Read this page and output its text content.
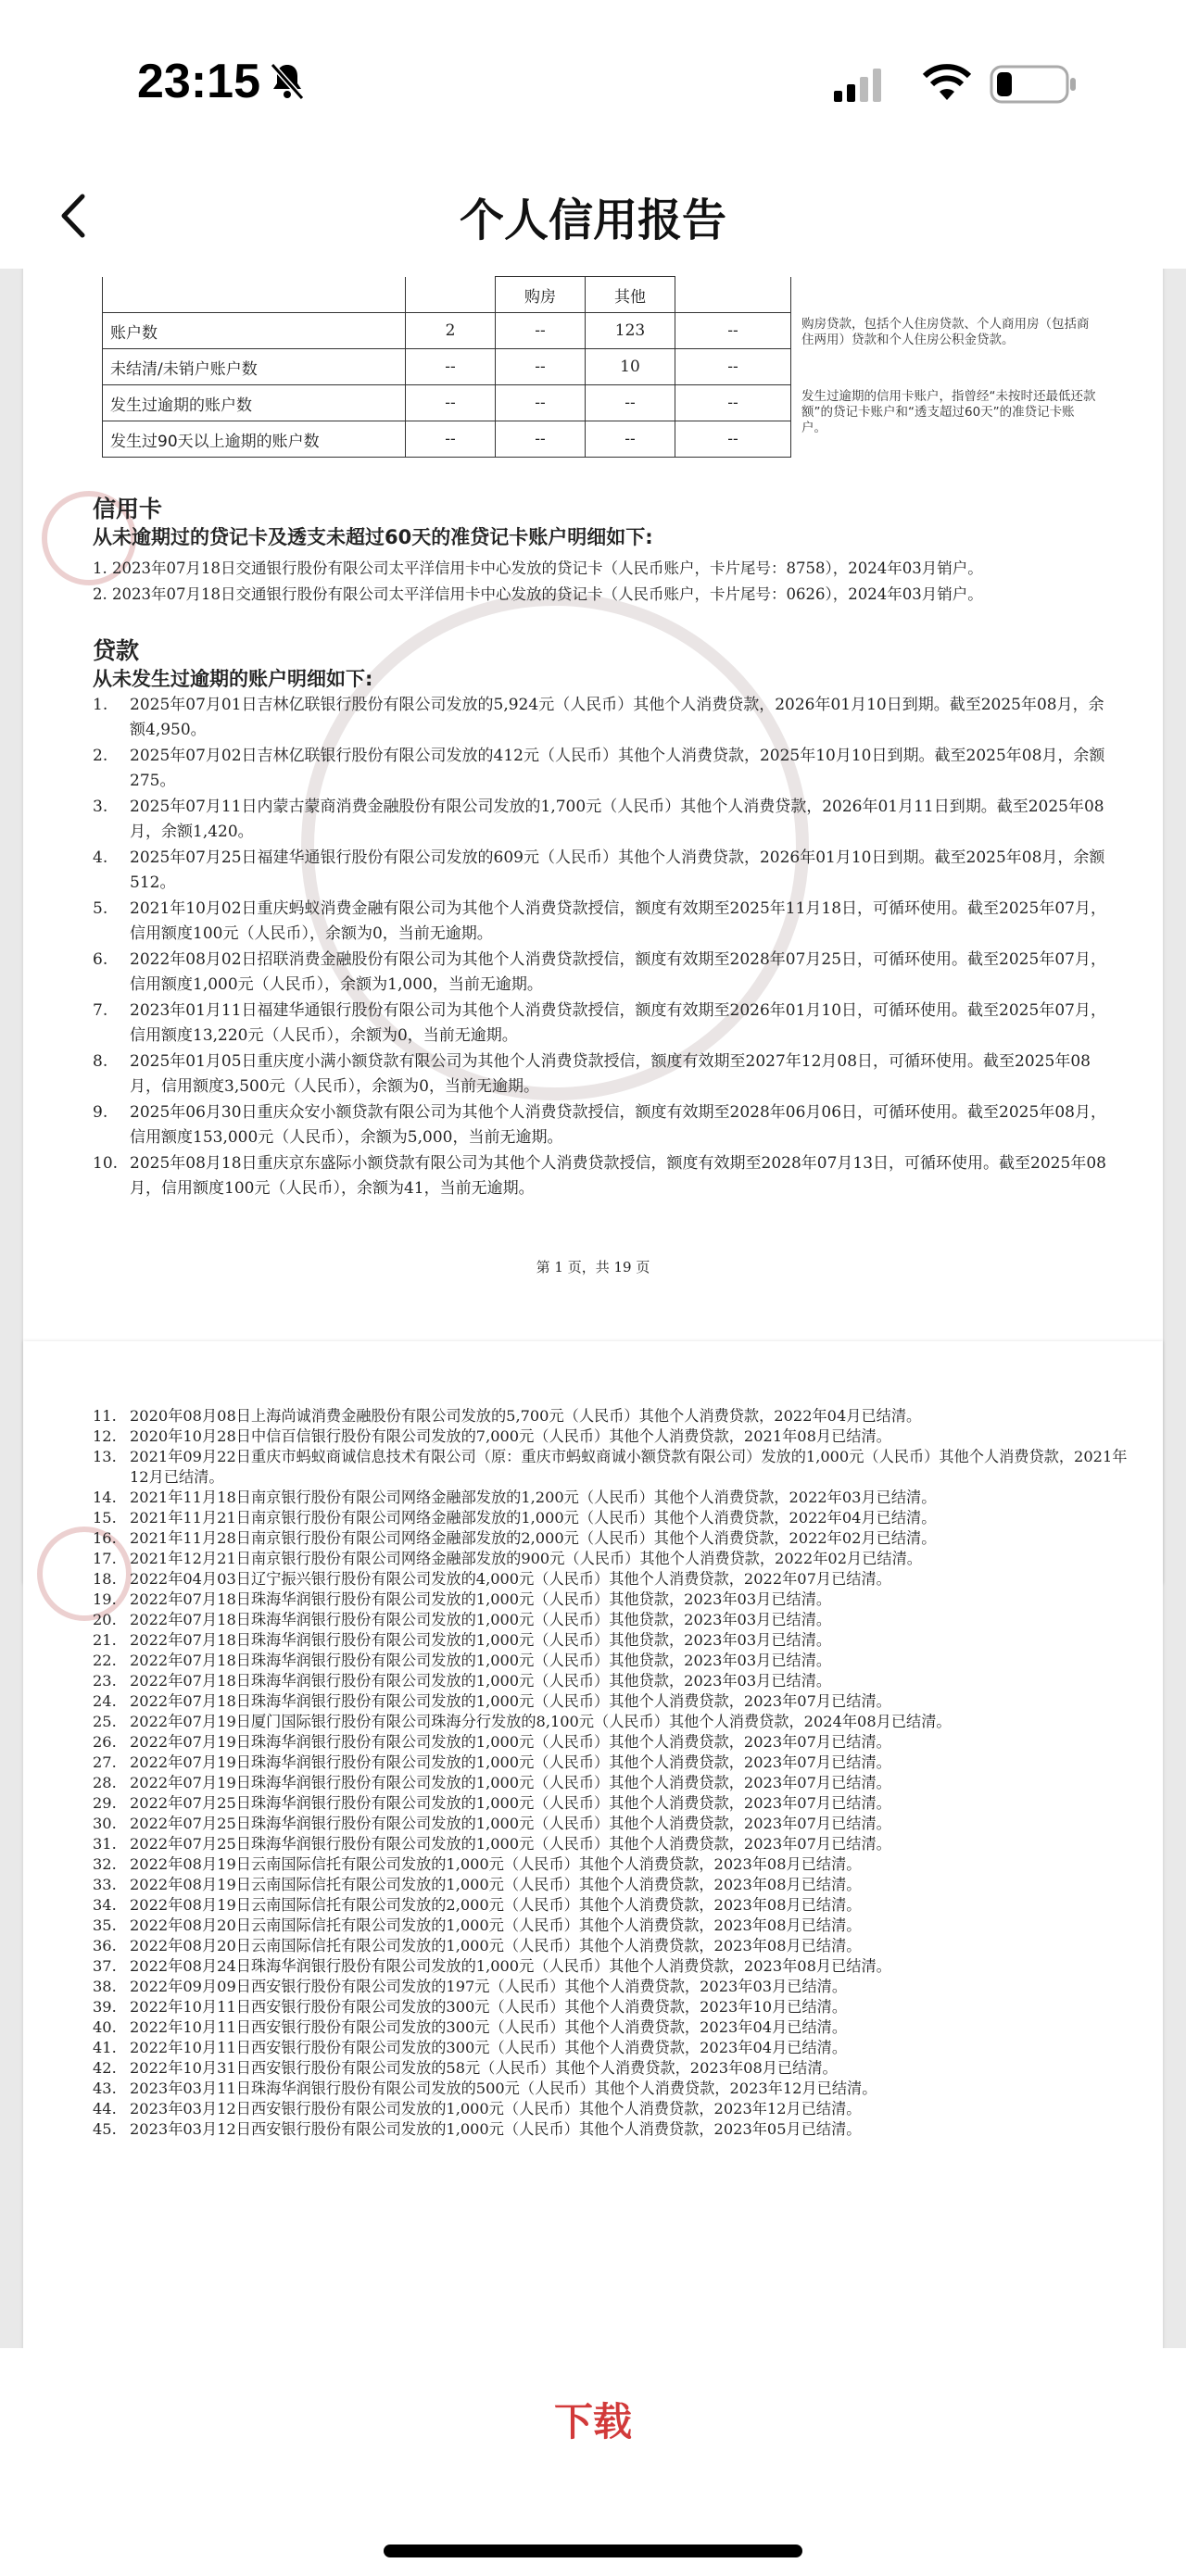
23:15
个人信用报告
		购房	其他	
账户数	2	--	123	--
未结清/未销户账户数	--	--	10	--
发生过逾期的账户数	--	--	--	--
发生过90天以上逾期的账户数	--	--	--	--
购房贷款，包括个人住房贷款、个人商用房（包括商住两用）贷款和个人住房公积金贷款。
发生过逾期的信用卡账户，指曾经“未按时还最低还款额”的贷记卡账户和“透支超过60天”的准贷记卡账户。
信用卡
从未逾期过的贷记卡及透支未超过60天的准贷记卡账户明细如下:
1. 2023年07月18日交通银行股份有限公司太平洋信用卡中心发放的贷记卡（人民币账户，卡片尾号：8758），2024年03月销户。
2. 2023年07月18日交通银行股份有限公司太平洋信用卡中心发放的贷记卡（人民币账户，卡片尾号：0626），2024年03月销户。
贷款
从未发生过逾期的账户明细如下:
1. 2025年07月01日吉林亿联银行股份有限公司发放的5,924元（人民币）其他个人消费贷款，2026年01月10日到期。截至2025年08月，余额4,950。
2. 2025年07月02日吉林亿联银行股份有限公司发放的412元（人民币）其他个人消费贷款，2025年10月10日到期。截至2025年08月，余额275。
3. 2025年07月11日内蒙古蒙商消费金融股份有限公司发放的1,700元（人民币）其他个人消费贷款，2026年01月11日到期。截至2025年08月，余额1,420。
4. 2025年07月25日福建华通银行股份有限公司发放的609元（人民币）其他个人消费贷款，2026年01月10日到期。截至2025年08月，余额512。
5. 2021年10月02日重庆蚂蚁消费金融有限公司为其他个人消费贷款授信，额度有效期至2025年11月18日，可循环使用。截至2025年07月，信用额度100元（人民币），余额为0，当前无逾期。
6. 2022年08月02日招联消费金融股份有限公司为其他个人消费贷款授信，额度有效期至2028年07月25日，可循环使用。截至2025年07月，信用额度1,000元（人民币），余额为1,000，当前无逾期。
7. 2023年01月11日福建华通银行股份有限公司为其他个人消费贷款授信，额度有效期至2026年01月10日，可循环使用。截至2025年07月，信用额度13,220元（人民币），余额为0，当前无逾期。
8. 2025年01月05日重庆度小满小额贷款有限公司为其他个人消费贷款授信，额度有效期至2027年12月08日，可循环使用。截至2025年08月，信用额度3,500元（人民币），余额为0，当前无逾期。
9. 2025年06月30日重庆众安小额贷款有限公司为其他个人消费贷款授信，额度有效期至2028年06月06日，可循环使用。截至2025年08月，信用额度153,000元（人民币），余额为5,000，当前无逾期。
10. 2025年08月18日重庆京东盛际小额贷款有限公司为其他个人消费贷款授信，额度有效期至2028年07月13日，可循环使用。截至2025年08月，信用额度100元（人民币），余额为41，当前无逾期。
第 1 页，共 19 页
11. 2020年08月08日上海尚诚消费金融股份有限公司发放的5,700元（人民币）其他个人消费贷款，2022年04月已结清。
12. 2020年10月28日中信百信银行股份有限公司发放的7,000元（人民币）其他个人消费贷款，2021年08月已结清。
13. 2021年09月22日重庆市蚂蚁商诚信息技术有限公司（原：重庆市蚂蚁商诚小额贷款有限公司）发放的1,000元（人民币）其他个人消费贷款，2021年12月已结清。
14. 2021年11月18日南京银行股份有限公司网络金融部发放的1,200元（人民币）其他个人消费贷款，2022年03月已结清。
15. 2021年11月21日南京银行股份有限公司网络金融部发放的1,000元（人民币）其他个人消费贷款，2022年04月已结清。
16. 2021年11月28日南京银行股份有限公司网络金融部发放的2,000元（人民币）其他个人消费贷款，2022年02月已结清。
17. 2021年12月21日南京银行股份有限公司网络金融部发放的900元（人民币）其他个人消费贷款，2022年02月已结清。
18. 2022年04月03日辽宁振兴银行股份有限公司发放的4,000元（人民币）其他个人消费贷款，2022年07月已结清。
19. 2022年07月18日珠海华润银行股份有限公司发放的1,000元（人民币）其他贷款，2023年03月已结清。
20. 2022年07月18日珠海华润银行股份有限公司发放的1,000元（人民币）其他贷款，2023年03月已结清。
21. 2022年07月18日珠海华润银行股份有限公司发放的1,000元（人民币）其他贷款，2023年03月已结清。
22. 2022年07月18日珠海华润银行股份有限公司发放的1,000元（人民币）其他贷款，2023年03月已结清。
23. 2022年07月18日珠海华润银行股份有限公司发放的1,000元（人民币）其他贷款，2023年03月已结清。
24. 2022年07月18日珠海华润银行股份有限公司发放的1,000元（人民币）其他个人消费贷款，2023年07月已结清。
25. 2022年07月19日厦门国际银行股份有限公司珠海分行发放的8,100元（人民币）其他个人消费贷款，2024年08月已结清。
26. 2022年07月19日珠海华润银行股份有限公司发放的1,000元（人民币）其他个人消费贷款，2023年07月已结清。
27. 2022年07月19日珠海华润银行股份有限公司发放的1,000元（人民币）其他个人消费贷款，2023年07月已结清。
28. 2022年07月19日珠海华润银行股份有限公司发放的1,000元（人民币）其他个人消费贷款，2023年07月已结清。
29. 2022年07月25日珠海华润银行股份有限公司发放的1,000元（人民币）其他个人消费贷款，2023年07月已结清。
30. 2022年07月25日珠海华润银行股份有限公司发放的1,000元（人民币）其他个人消费贷款，2023年07月已结清。
31. 2022年07月25日珠海华润银行股份有限公司发放的1,000元（人民币）其他个人消费贷款，2023年07月已结清。
32. 2022年08月19日云南国际信托有限公司发放的1,000元（人民币）其他个人消费贷款，2023年08月已结清。
33. 2022年08月19日云南国际信托有限公司发放的1,000元（人民币）其他个人消费贷款，2023年08月已结清。
34. 2022年08月19日云南国际信托有限公司发放的2,000元（人民币）其他个人消费贷款，2023年08月已结清。
35. 2022年08月20日云南国际信托有限公司发放的1,000元（人民币）其他个人消费贷款，2023年08月已结清。
36. 2022年08月20日云南国际信托有限公司发放的1,000元（人民币）其他个人消费贷款，2023年08月已结清。
37. 2022年08月24日珠海华润银行股份有限公司发放的1,000元（人民币）其他个人消费贷款，2023年08月已结清。
38. 2022年09月09日西安银行股份有限公司发放的197元（人民币）其他个人消费贷款，2023年03月已结清。
39. 2022年10月11日西安银行股份有限公司发放的300元（人民币）其他个人消费贷款，2023年10月已结清。
40. 2022年10月11日西安银行股份有限公司发放的300元（人民币）其他个人消费贷款，2023年04月已结清。
41. 2022年10月11日西安银行股份有限公司发放的300元（人民币）其他个人消费贷款，2023年04月已结清。
42. 2022年10月31日西安银行股份有限公司发放的58元（人民币）其他个人消费贷款，2023年08月已结清。
43. 2023年03月11日珠海华润银行股份有限公司发放的500元（人民币）其他个人消费贷款，2023年12月已结清。
44. 2023年03月12日西安银行股份有限公司发放的1,000元（人民币）其他个人消费贷款，2023年12月已结清。
45. 2023年03月12日西安银行股份有限公司发放的1,000元（人民币）其他个人消费贷款，2023年05月已结清。
下载
